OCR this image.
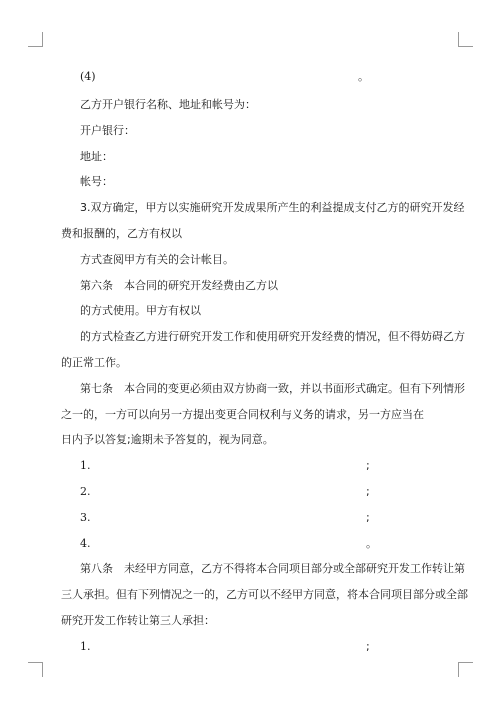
(4)	。
乙方开户银行名称、地址和帐号为：
开户银行：
地址：
帐号：
3.双方确定，甲方以实施研究开发成果所产生的利益提成支付乙方的研究开发经
费和报酬的，乙方有权以
方式查阅甲方有关的会计帐目。
第六条　本合同的研究开发经费由乙方以
的方式使用。甲方有权以
的方式检查乙方进行研究开发工作和使用研究开发经费的情况，但不得妨碍乙方
的正常工作。
第七条　本合同的变更必须由双方协商一致，并以书面形式确定。但有下列情形
之一的，一方可以向另一方提出变更合同权利与义务的请求，另一方应当在
日内予以答复;逾期未予答复的，视为同意。
1.	;
2.	;
3.	;
4.	。
第八条　未经甲方同意，乙方不得将本合同项目部分或全部研究开发工作转让第
三人承担。但有下列情况之一的，乙方可以不经甲方同意，将本合同项目部分或全部
研究开发工作转让第三人承担：
1.	;
